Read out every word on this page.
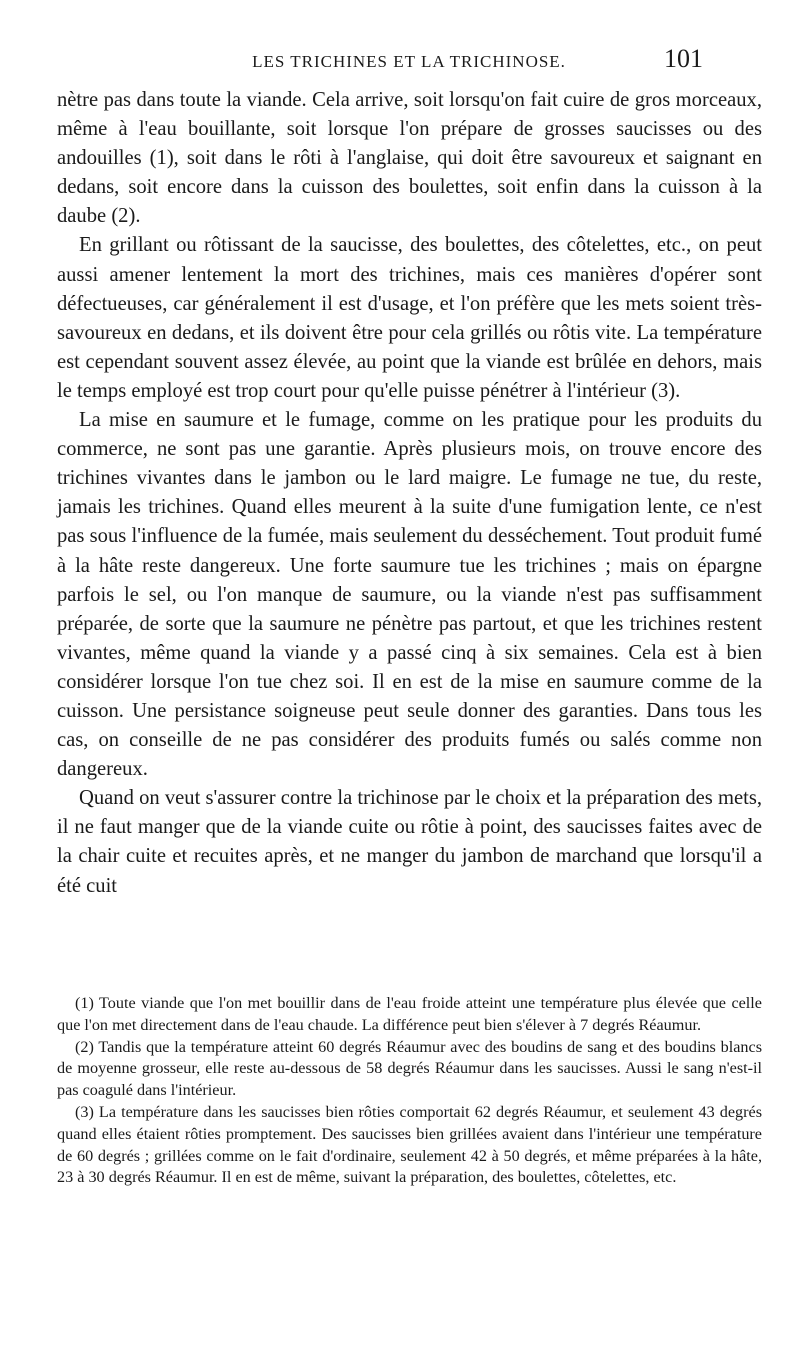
LES TRICHINES ET LA TRICHINOSE.	101

nètre pas dans toute la viande. Cela arrive, soit lorsqu'on fait cuire de gros morceaux, même à l'eau bouillante, soit lorsque l'on prépare de grosses saucisses ou des andouilles (1), soit dans le rôti à l'anglaise, qui doit être savoureux et saignant en dedans, soit encore dans la cuisson des boulettes, soit enfin dans la cuisson à la daube (2).

En grillant ou rôtissant de la saucisse, des boulettes, des côtelettes, etc., on peut aussi amener lentement la mort des trichines, mais ces manières d'opérer sont défectueuses, car généralement il est d'usage, et l'on préfère que les mets soient très-savoureux en dedans, et ils doivent être pour cela grillés ou rôtis vite. La température est cependant souvent assez élevée, au point que la viande est brûlée en dehors, mais le temps employé est trop court pour qu'elle puisse pénétrer à l'intérieur (3).

La mise en saumure et le fumage, comme on les pratique pour les produits du commerce, ne sont pas une garantie. Après plusieurs mois, on trouve encore des trichines vivantes dans le jambon ou le lard maigre. Le fumage ne tue, du reste, jamais les trichines. Quand elles meurent à la suite d'une fumigation lente, ce n'est pas sous l'influence de la fumée, mais seulement du desséchement. Tout produit fumé à la hâte reste dangereux. Une forte saumure tue les trichines ; mais on épargne parfois le sel, ou l'on manque de saumure, ou la viande n'est pas suffisamment préparée, de sorte que la saumure ne pénètre pas partout, et que les trichines restent vivantes, même quand la viande y a passé cinq à six semaines. Cela est à bien considérer lorsque l'on tue chez soi. Il en est de la mise en saumure comme de la cuisson. Une persistance soigneuse peut seule donner des garanties. Dans tous les cas, on conseille de ne pas considérer des produits fumés ou salés comme non dangereux.

Quand on veut s'assurer contre la trichinose par le choix et la préparation des mets, il ne faut manger que de la viande cuite ou rôtie à point, des saucisses faites avec de la chair cuite et recuites après, et ne manger du jambon de marchand que lorsqu'il a été cuit

(1) Toute viande que l'on met bouillir dans de l'eau froide atteint une température plus élevée que celle que l'on met directement dans de l'eau chaude. La différence peut bien s'élever à 7 degrés Réaumur.

(2) Tandis que la température atteint 60 degrés Réaumur avec des boudins de sang et des boudins blancs de moyenne grosseur, elle reste au-dessous de 58 degrés Réaumur dans les saucisses. Aussi le sang n'est-il pas coagulé dans l'intérieur.

(3) La température dans les saucisses bien rôties comportait 62 degrés Réaumur, et seulement 43 degrés quand elles étaient rôties promptement. Des saucisses bien grillées avaient dans l'intérieur une température de 60 degrés ; grillées comme on le fait d'ordinaire, seulement 42 à 50 degrés, et même préparées à la hâte, 23 à 30 degrés Réaumur. Il en est de même, suivant la préparation, des boulettes, côtelettes, etc.
